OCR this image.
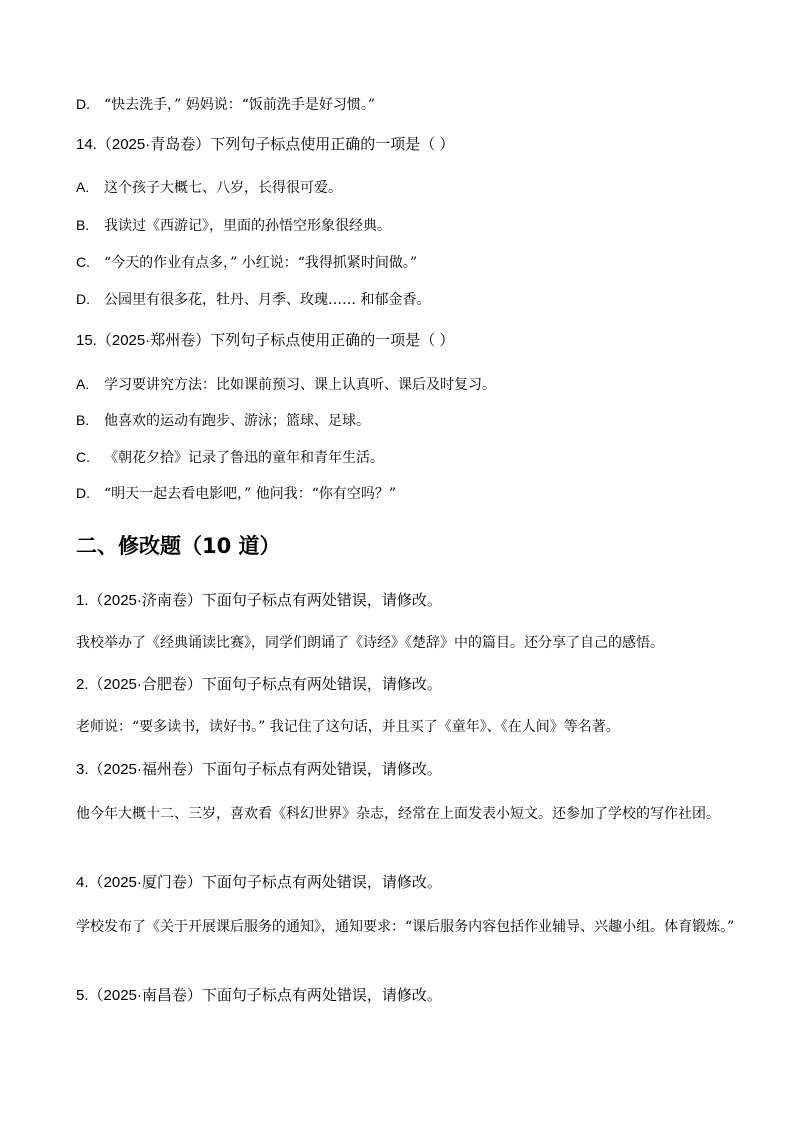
D. “快去洗手，” 妈妈说：“饭前洗手是好习惯。”
14.（2025·青岛卷）下列句子标点使用正确的一项是（ ）
A. 这个孩子大概七、八岁，长得很可爱。
B. 我读过《西游记》，里面的孙悟空形象很经典。
C. “今天的作业有点多，” 小红说：“我得抓紧时间做。”
D. 公园里有很多花，牡丹、月季、玫瑰…… 和郁金香。
15.（2025·郑州卷）下列句子标点使用正确的一项是（ ）
A. 学习要讲究方法：比如课前预习、课上认真听、课后及时复习。
B. 他喜欢的运动有跑步、游泳；篮球、足球。
C. 《朝花夕拾》记录了鲁迅的童年和青年生活。
D. “明天一起去看电影吧，” 他问我：“你有空吗？”
二、修改题（10 道）
1.（2025·济南卷）下面句子标点有两处错误，请修改。
我校举办了《经典诵读比赛》，同学们朗诵了《诗经》《楚辞》中的篇目。还分享了自己的感悟。
2.（2025·合肥卷）下面句子标点有两处错误，请修改。
老师说：“要多读书，读好书。” 我记住了这句话，并且买了《童年》、《在人间》等名著。
3.（2025·福州卷）下面句子标点有两处错误，请修改。
他今年大概十二、三岁，喜欢看《科幻世界》杂志，经常在上面发表小短文。还参加了学校的写作社团。
4.（2025·厦门卷）下面句子标点有两处错误，请修改。
学校发布了《关于开展课后服务的通知》，通知要求：“课后服务内容包括作业辅导、兴趣小组。体育锻炼。”
5.（2025·南昌卷）下面句子标点有两处错误，请修改。
